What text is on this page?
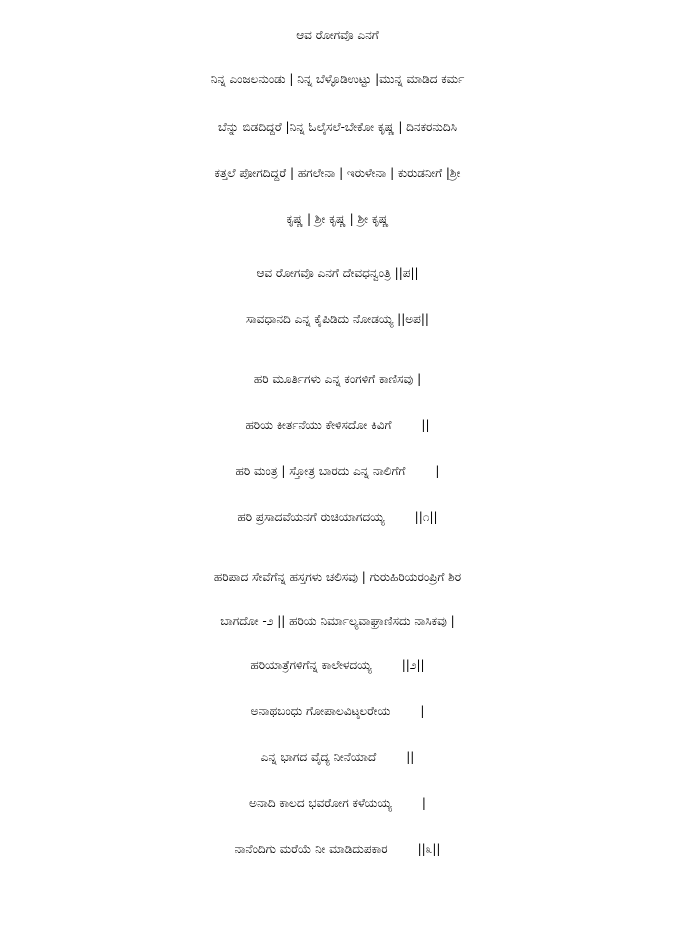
ಆವ ರೋಗವೊ ಎನಗೆ
ನಿನ್ನ ಎಂಜಲನುಂಡು | ನಿನ್ನ ಬೆಳ್ಳೊಡಿಉಟ್ಟು |ಮುನ್ನ ಮಾಡಿದ ಕರ್ಮ
ಬೆನ್ನು ಬಿಡದಿದ್ದರೆ |ನಿನ್ನ ಓಲೈಸಲೆ-ಬೇಕೋ ಕೃಷ್ಣ | ದಿನಕರನುದಿಸಿ
ಕತ್ತಲೆ ಪೋಗದಿದ್ದರೆ | ಹಗಲೇನಾ | ಇರುಳೇನಾ | ಕುರುಡನೀಗೆ |ಶ್ರೀ
ಕೃಷ್ಣ | ಶ್ರೀ ಕೃಷ್ಣ | ಶ್ರೀ ಕೃಷ್ಣ
ಆವ ರೋಗವೊ ಎನಗೆ ದೇವಧನ್ವಂತ್ರಿ ||ಪ||
ಸಾವಧಾನದಿ ಎನ್ನ ಕೈಪಿಡಿದು ನೋಡಯ್ಯ ||ಅಪ||
ಹರಿ ಮೂರ್ತಿಗಳು ಎನ್ನ ಕಂಗಳಿಗೆ ಕಾಣಿಸವು |
ಹರಿಯ ಕೀರ್ತನೆಯು ಕೇಳಿಸದೋ ಕಿವಿಗೆ	||
ಹರಿ ಮಂತ್ರ | ಸ್ತೋತ್ರ ಬಾರದು ಎನ್ನ ನಾಲಿಗೆಗೆ	|
ಹರಿ ಪ್ರಸಾದವೆಯನಗೆ ರುಚಿಯಾಗದಯ್ಯ	||೧||
ಹರಿಪಾದ ಸೇವೆಗೆನ್ನ ಹಸ್ತಗಳು ಚಲಿಸವು | ಗುರುಹಿರಿಯರಂಪ್ರಿಗೆ ಶಿರ
ಬಾಗದೋ -೨ || ಹರಿಯ ನಿರ್ಮಾಲ್ಯವಾಘ್ರಾಣಿಸದು ನಾಸಿಕವು |
ಹರಿಯಾತ್ರೆಗಳಿಗೆನ್ನ ಕಾಲೇಳದಯ್ಯ	||೨||
ಅನಾಥಬಂಧು ಗೋಪಾಲವಿಟ್ಠಲರೇಯ	|
ಎನ್ನ ಭಾಗದ ವೈದ್ಯ ನೀನೆಯಾದೆ	||
ಅನಾದಿ ಕಾಲದ ಭವರೋಗ ಕಳೆಯಯ್ಯ	|
ನಾನೆಂದಿಗು ಮರೆಯೆ ನೀ ಮಾಡಿದುಪಕಾರ	||೩||
